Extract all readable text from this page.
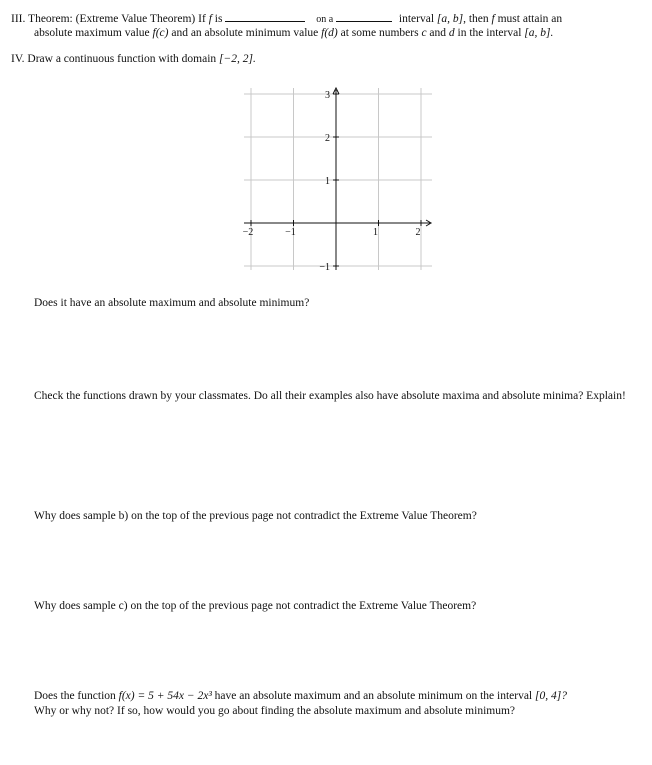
III. Theorem: (Extreme Value Theorem) If f is	on a	interval [a, b], then f must attain an
absolute maximum value f(c) and an absolute minimum value f(d) at some numbers c and d in the interval [a, b].
IV. Draw a continuous function with domain [−2, 2].
−2	−1	1	2
3
2
1
−1
Does it have an absolute maximum and absolute minimum?
Check the functions drawn by your classmates. Do all their examples also have absolute maxima and absolute minima? Explain!
Why does sample b) on the top of the previous page not contradict the Extreme Value Theorem?
Why does sample c) on the top of the previous page not contradict the Extreme Value Theorem?
Does the function f(x) = 5 + 54x − 2x³ have an absolute maximum and an absolute minimum on the interval [0, 4]?
Why or why not? If so, how would you go about finding the absolute maximum and absolute minimum?
